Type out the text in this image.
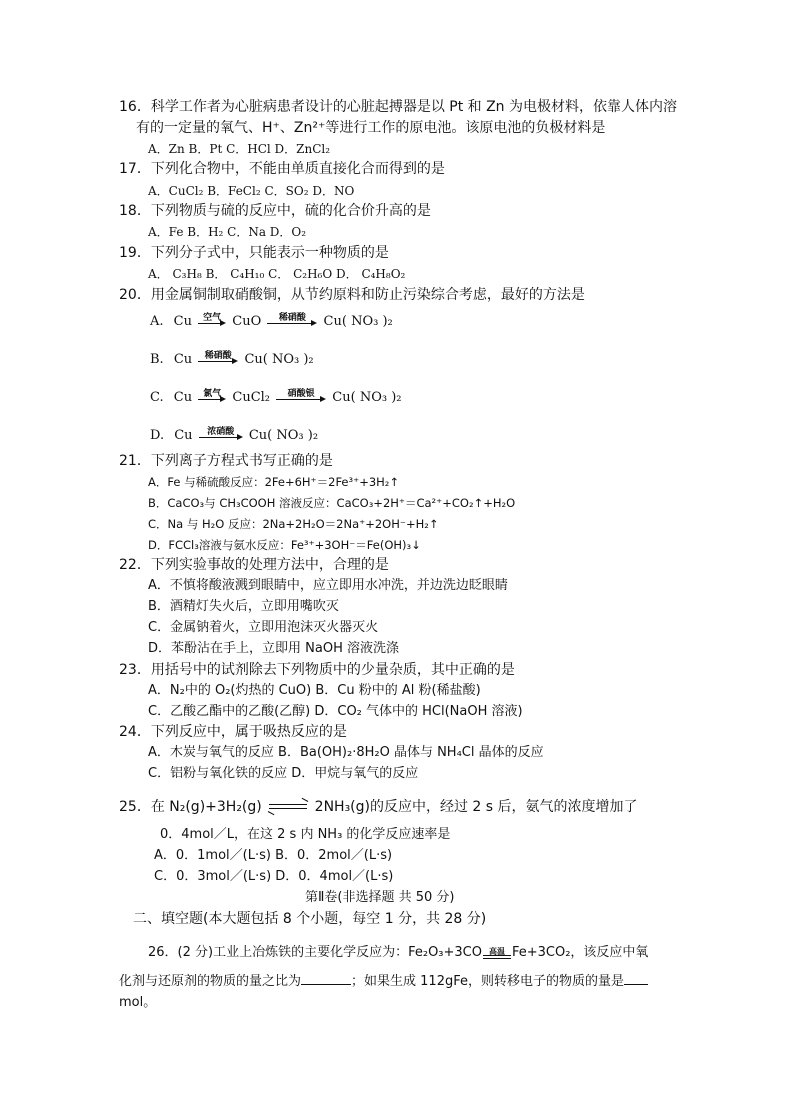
16．科学工作者为心脏病患者设计的心脏起搏器是以 Pt 和 Zn 为电极材料，依靠人体内溶
有的一定量的氧气、H⁺、Zn²⁺等进行工作的原电池。该原电池的负极材料是
A．Zn B．Pt C．HCl D．ZnCl₂
17．下列化合物中，不能由单质直接化合而得到的是
A．CuCl₂ B．FeCl₂ C．SO₂ D．NO
18．下列物质与硫的反应中，硫的化合价升高的是
A．Fe B．H₂ C．Na D．O₂
19．下列分子式中，只能表示一种物质的是
A． C₃H₈ B． C₄H₁₀ C． C₂H₆O D． C₄H₈O₂
20．用金属铜制取硝酸铜，从节约原料和防止污染综合考虑，最好的方法是
A. Cu	空气 CuO	稀硝酸	Cu( NO₃ )₂
B. Cu	稀硝酸 Cu( NO₃ )₂
C. Cu	氯气 CuCl₂	硝酸银	Cu( NO₃ )₂
D. Cu	浓硝酸	Cu( NO₃ )₂
21．下列离子方程式书写正确的是
A．Fe 与稀硫酸反应：2Fe+6H⁺＝2Fe³⁺+3H₂↑
B．CaCO₃与 CH₃COOH 溶液反应：CaCO₃+2H⁺＝Ca²⁺+CO₂↑+H₂O
C．Na 与 H₂O 反应：2Na+2H₂O＝2Na⁺+2OH⁻+H₂↑
D．FCCl₃溶液与氨水反应：Fe³⁺+3OH⁻＝Fe(OH)₃↓
22．下列实验事故的处理方法中，合理的是
A．不慎将酸液溅到眼睛中，应立即用水冲洗，并边洗边眨眼睛
B．酒精灯失火后，立即用嘴吹灭
C．金属钠着火，立即用泡沫灭火器灭火
D．苯酚沾在手上，立即用 NaOH 溶液洗涤
23．用括号中的试剂除去下列物质中的少量杂质，其中正确的是
A．N₂中的 O₂(灼热的 CuO) B．Cu 粉中的 Al 粉(稀盐酸)
C．乙酸乙酯中的乙酸(乙醇) D．CO₂ 气体中的 HCl(NaOH 溶液)
24．下列反应中，属于吸热反应的是
A．木炭与氧气的反应 B．Ba(OH)₂·8H₂O 晶体与 NH₄Cl 晶体的反应
C．铝粉与氧化铁的反应 D．甲烷与氧气的反应
25．在 N₂(g)+3H₂(g) ⇌ 2NH₃(g)的反应中，经过 2 s 后，氨气的浓度增加了
0．4mol／L，在这 2 s 内 NH₃ 的化学反应速率是
A．0．1mol／(L·s) B．0．2mol／(L·s)
C．0．3mol／(L·s) D．0．4mol／(L·s)
第Ⅱ卷(非选择题 共 50 分)
二、填空题(本大题包括 8 个小题，每空 1 分，共 28 分)
26．(2 分)工业上冶炼铁的主要化学反应为：Fe₂O₃+3CO 高温 Fe+3CO₂，该反应中氧
化剂与还原剂的物质的量之比为	；如果生成 112gFe，则转移电子的物质的量是
mol。
